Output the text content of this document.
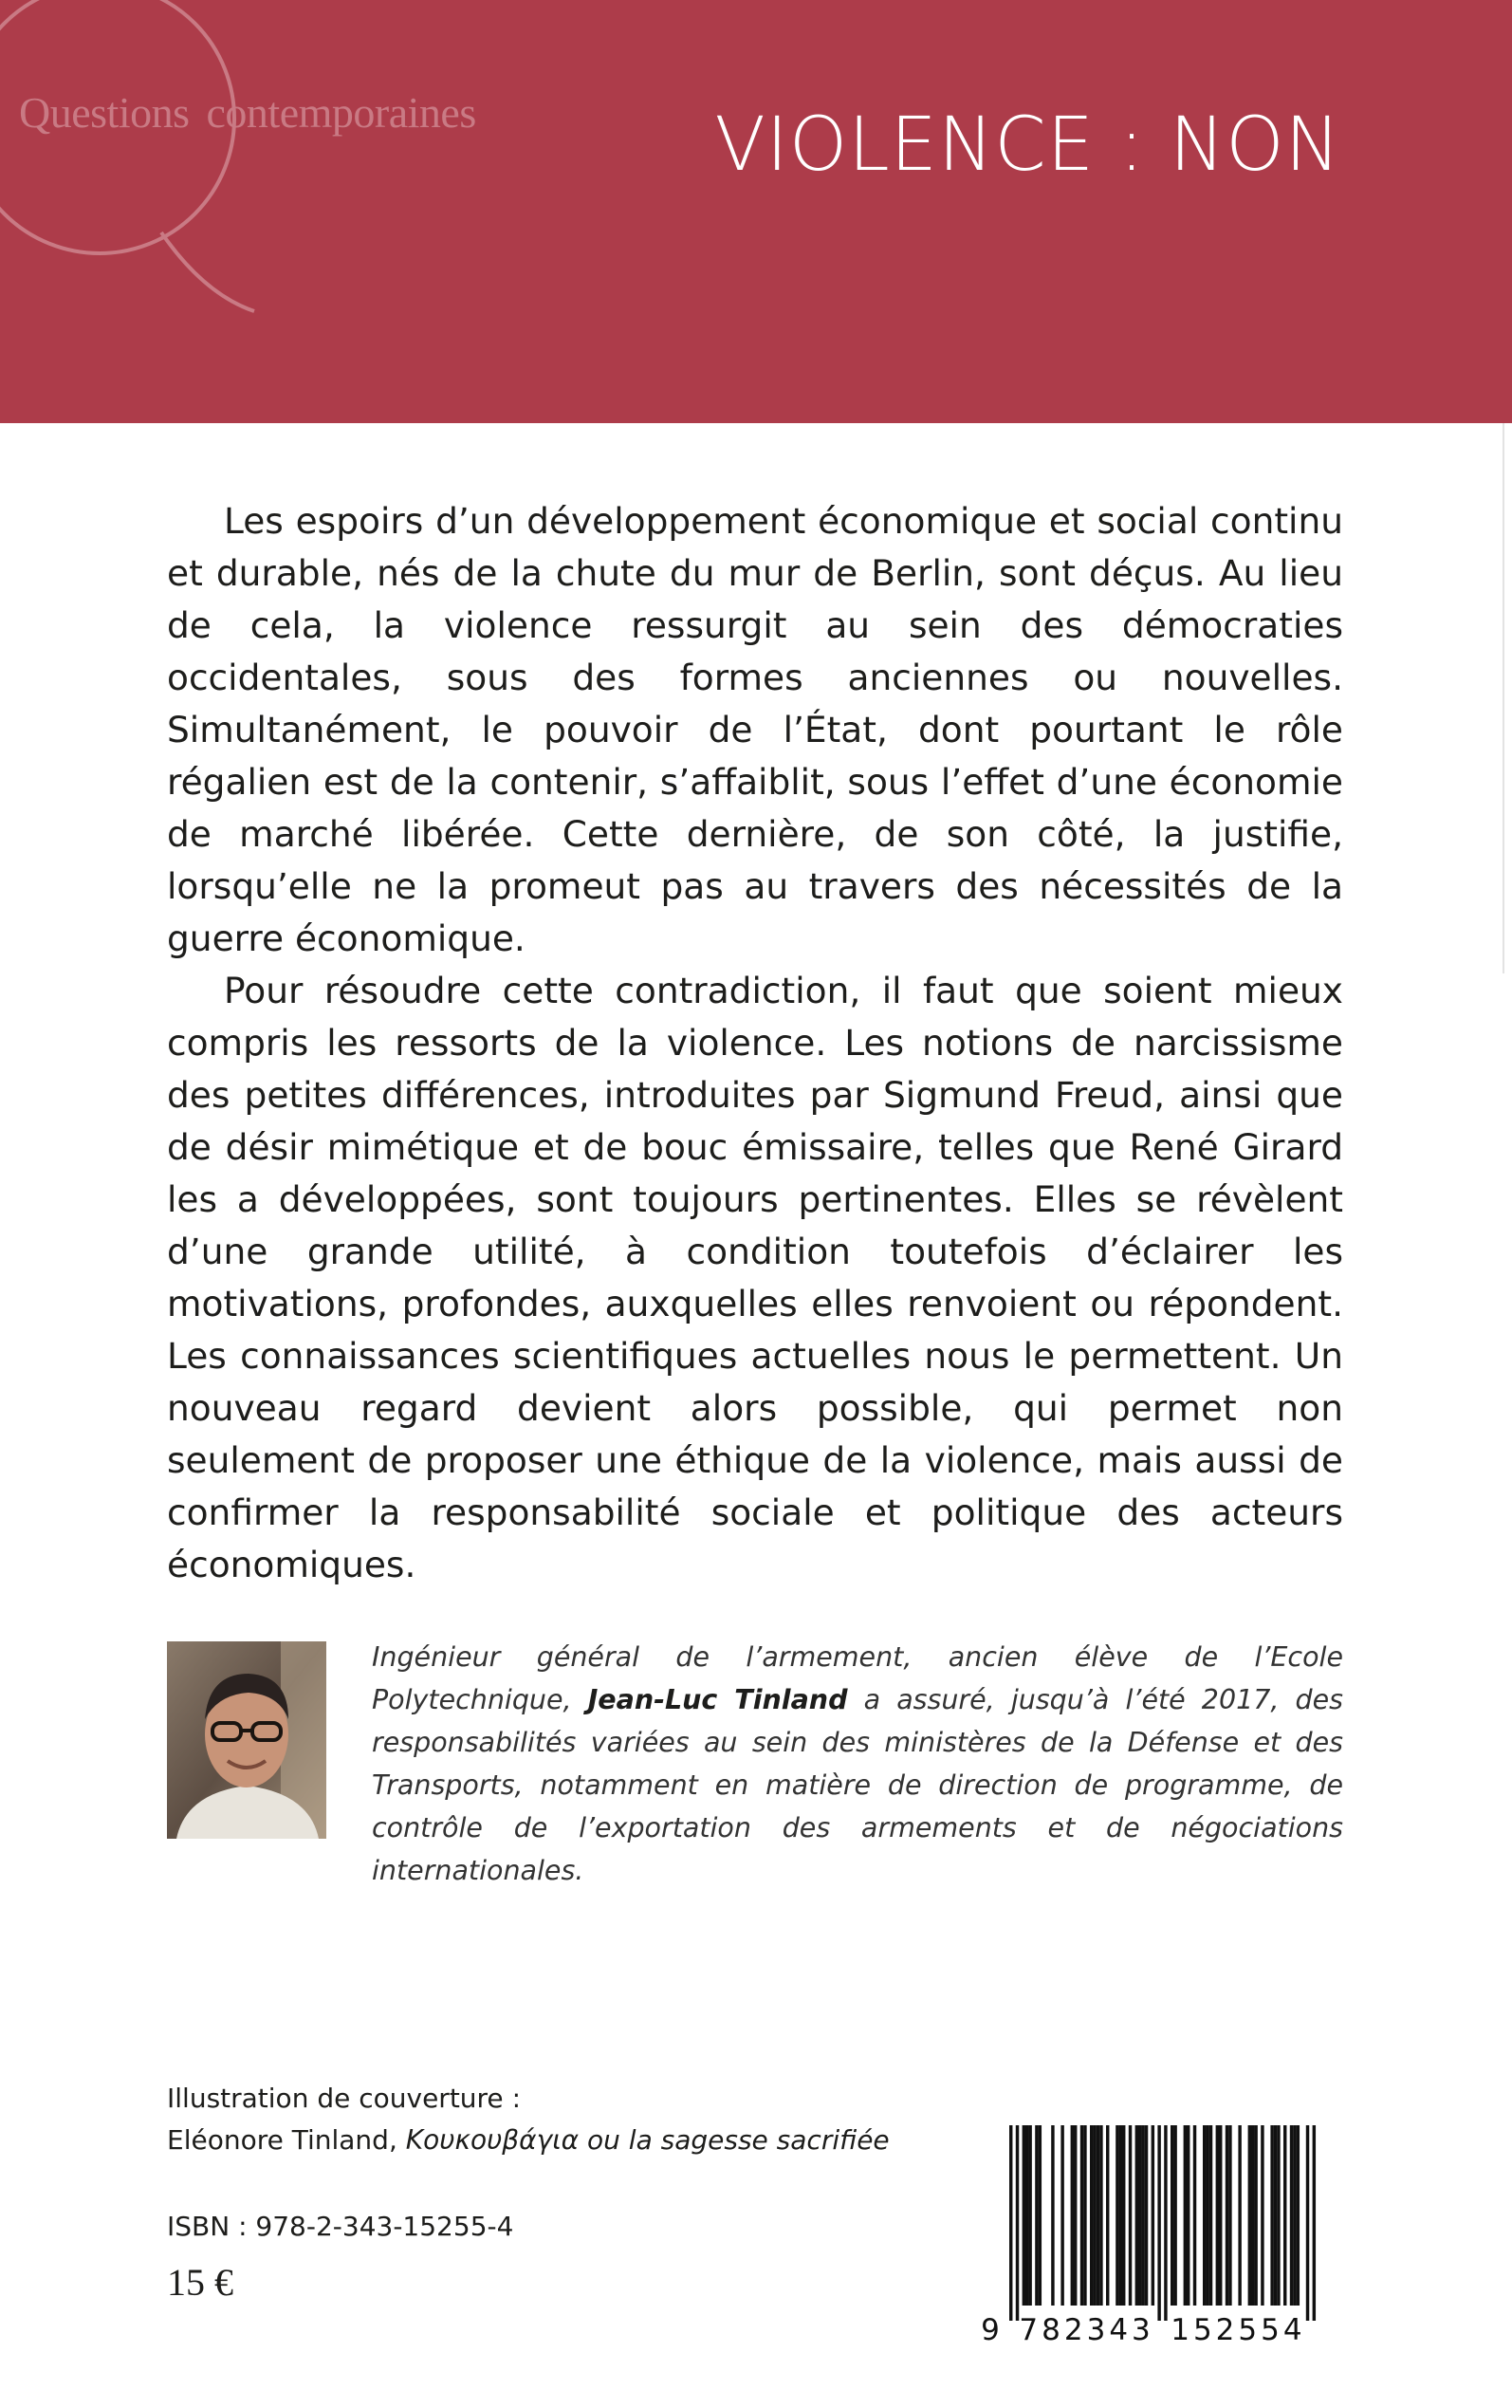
Questions contemporaines	VIOLENCE : NON

Les espoirs d’un développement économique et social continu et durable, nés de la chute du mur de Berlin, sont déçus. Au lieu de cela, la violence ressurgit au sein des démocraties occidentales, sous des formes anciennes ou nouvelles. Simultanément, le pouvoir de l’État, dont pourtant le rôle régalien est de la contenir, s’affaiblit, sous l’effet d’une économie de marché libérée. Cette dernière, de son côté, la justifie, lorsqu’elle ne la promeut pas au travers des nécessités de la guerre économique.

Pour résoudre cette contradiction, il faut que soient mieux compris les ressorts de la violence. Les notions de narcissisme des petites différences, introduites par Sigmund Freud, ainsi que de désir mimétique et de bouc émissaire, telles que René Girard les a développées, sont toujours pertinentes. Elles se révèlent d’une grande utilité, à condition toutefois d’éclairer les motivations, profondes, auxquelles elles renvoient ou répondent. Les connaissances scientifiques actuelles nous le permettent. Un nouveau regard devient alors possible, qui permet non seulement de proposer une éthique de la violence, mais aussi de confirmer la responsabilité sociale et politique des acteurs économiques.

Ingénieur général de l’armement, ancien élève de l’Ecole Polytechnique, Jean-Luc Tinland a assuré, jusqu’à l’été 2017, des responsabilités variées au sein des ministères de la Défense et des Transports, notamment en matière de direction de programme, de contrôle de l’exportation des armements et de négociations internationales.
Illustration de couverture :
Eléonore Tinland, Κουκουβάγια ou la sagesse sacrifiée
ISBN : 978-2-343-15255-4
15 €
9 782343 152554
